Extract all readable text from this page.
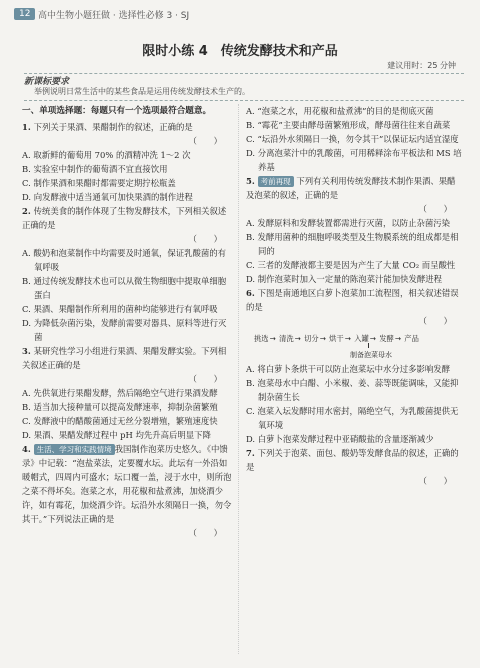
12 高中生物小题狂做 · 选择性必修 3 · SJ
限时小练 4　传统发酵技术和产品
建议用时：25 分钟
新课标要求
举例说明日常生活中的某些食品是运用传统发酵技术生产的。
一、单项选择题：每题只有一个选项最符合题意。
1. 下列关于果酒、果醋制作的叙述，正确的是
（　　）

A. 取新鲜的葡萄用 70% 的酒精冲洗 1～2 次

B. 实验室中制作的葡萄酒不宜直接饮用

C. 制作果酒和果醋时都需要定期拧松瓶盖

D. 向发酵液中适当通氧可加快果酒的制作进程

2. 传统美食的制作体现了生物发酵技术，下列相关叙述正确的是
（　　）

A. 酸奶和泡菜制作中均需要及时通氧，保证乳酸菌的有氧呼吸

B. 通过传统发酵技术也可以从微生物细胞中提取单细胞蛋白

C. 果酒、果醋制作所利用的菌种均能够进行有氧呼吸

D. 为降低杂菌污染，发酵前需要对器具、原料等进行灭菌

3. 某研究性学习小组进行果酒、果醋发酵实验。下列相关叙述正确的是
（　　）

A. 先供氧进行果醋发酵，然后隔绝空气进行果酒发酵

B. 适当加大接种量可以提高发酵速率，抑制杂菌繁殖

C. 发酵液中的醋酸菌通过无丝分裂增殖，繁殖速度快

D. 果酒、果醋发酵过程中 pH 均先升高后明显下降

4. 生活、学习和实践情境 我国制作泡菜历史悠久。《中馈录》中记载：“泡盐菜法，定要覆水坛。此坛有一外沿如暖帽式，四周内可盛水；坛口覆一盖，浸于水中，则所泡之菜不得坏矣。泡菜之水，用花椒和盐煮沸，加烧酒少许，如有霉花，加烧酒少许。坛沿外水须隔日一换，勿令其干。”下列说法正确的是
（　　）

A. “泡菜之水，用花椒和盐煮沸”的目的是彻底灭菌

B. “霉花”主要由酵母菌繁殖形成，酵母菌往往来自蔬菜

C. “坛沿外水须隔日一换，勿令其干”以保证坛内适宜湿度

D. 分离泡菜汁中的乳酸菌，可用稀释涂布平板法和 MS 培养基

5. 考前再现 下列有关利用传统发酵技术制作果酒、果醋及泡菜的叙述，正确的是
（　　）

A. 发酵原料和发酵装置都需进行灭菌，以防止杂菌污染

B. 发酵用菌种的细胞呼吸类型及生物膜系统的组成都是相同的

C. 三者的发酵液都主要是因为产生了大量 CO₂ 而呈酸性

D. 制作泡菜时加入一定量的陈泡菜汁能加快发酵进程

6. 下图是南通地区白萝卜泡菜加工流程图，相关叙述错误的是
（　　）
挑选→ 清洗→ 切分→ 烘干→ 入罐→ 发酵→ 产品
制备泡菜母水

A. 将白萝卜条烘干可以防止泡菜坛中水分过多影响发酵

B. 泡菜母水中白醋、小米椒、姜、蒜等既能调味，又能抑制杂菌生长

C. 泡菜入坛发酵时用水密封，隔绝空气，为乳酸菌提供无氧环境

D. 白萝卜泡菜发酵过程中亚硝酸盐的含量逐渐减少

7. 下列关于泡菜、面包、酸奶等发酵食品的叙述，正确的是
（　　）
